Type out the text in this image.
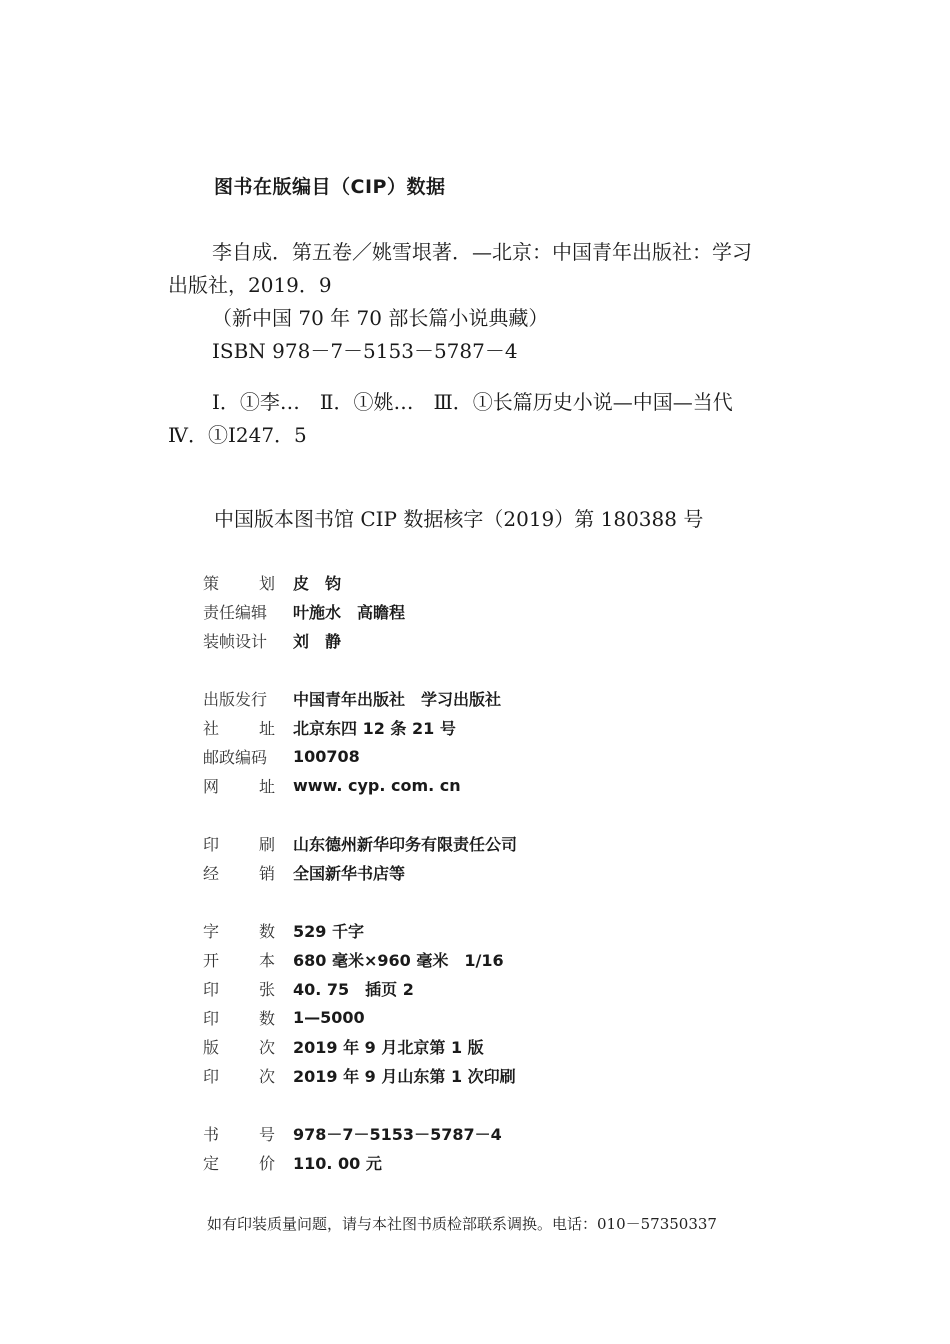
图书在版编目（CIP）数据
李自成．第五卷／姚雪垠著．—北京：中国青年出版社：学习
出版社，2019．9
（新中国 70 年 70 部长篇小说典藏）
ISBN 978－7－5153－5787－4
Ⅰ．①李…　Ⅱ．①姚…　Ⅲ．①长篇历史小说—中国—当代
Ⅳ．①I247．5
中国版本图书馆 CIP 数据核字（2019）第 180388 号
策 划 皮　钧
责任编辑 叶施水　高瞻程
装帧设计 刘　静
出版发行 中国青年出版社　学习出版社
社 址 北京东四 12 条 21 号
邮政编码 100708
网 址 www. cyp. com. cn
印 刷 山东德州新华印务有限责任公司
经 销 全国新华书店等
字 数 529 千字
开 本 680 毫米×960 毫米　1/16
印 张 40. 75　插页 2
印 数 1—5000
版 次 2019 年 9 月北京第 1 版
印 次 2019 年 9 月山东第 1 次印刷
书 号 978－7－5153－5787－4
定 价 110. 00 元
如有印装质量问题，请与本社图书质检部联系调换。电话：010－57350337
